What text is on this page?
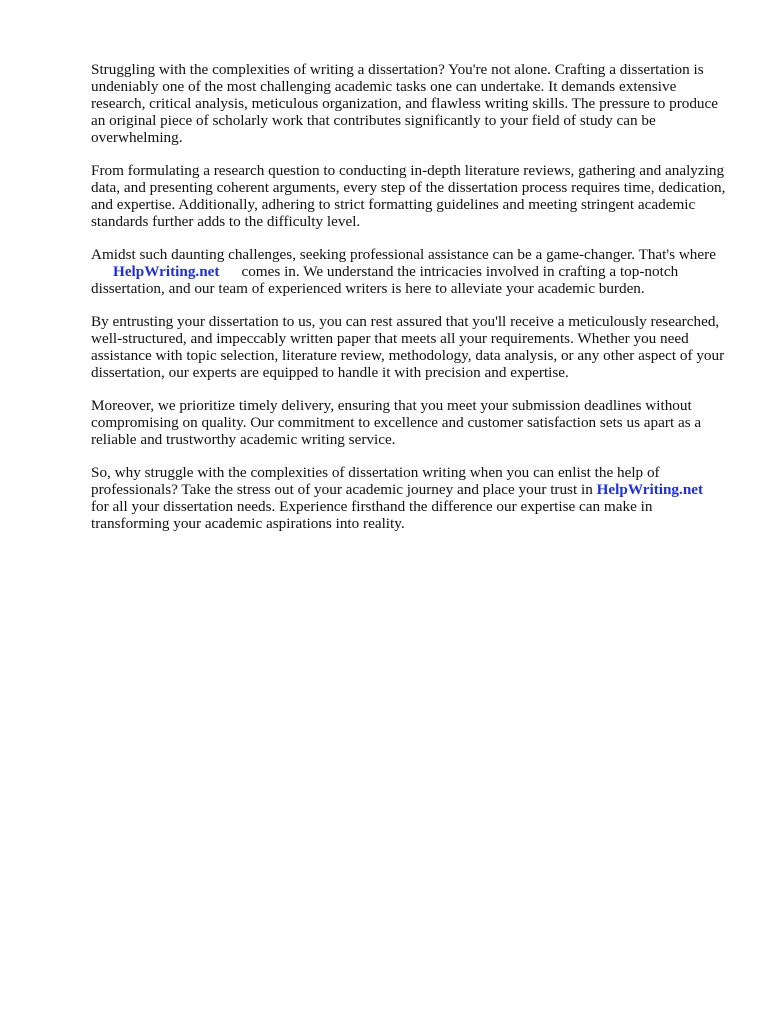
Struggling with the complexities of writing a dissertation? You're not alone. Crafting a dissertation is undeniably one of the most challenging academic tasks one can undertake. It demands extensive research, critical analysis, meticulous organization, and flawless writing skills. The pressure to produce an original piece of scholarly work that contributes significantly to your field of study can be overwhelming.

From formulating a research question to conducting in-depth literature reviews, gathering and analyzing data, and presenting coherent arguments, every step of the dissertation process requires time, dedication, and expertise. Additionally, adhering to strict formatting guidelines and meeting stringent academic standards further adds to the difficulty level.

Amidst such daunting challenges, seeking professional assistance can be a game-changer. That's whereHelpWriting.net comes in. We understand the intricacies involved in crafting a top-notch dissertation, and our team of experienced writers is here to alleviate your academic burden.

By entrusting your dissertation to us, you can rest assured that you'll receive a meticulously researched, well-structured, and impeccably written paper that meets all your requirements. Whether you need assistance with topic selection, literature review, methodology, data analysis, or any other aspect of your dissertation, our experts are equipped to handle it with precision and expertise.

Moreover, we prioritize timely delivery, ensuring that you meet your submission deadlines without compromising on quality. Our commitment to excellence and customer satisfaction sets us apart as a reliable and trustworthy academic writing service.

So, why struggle with the complexities of dissertation writing when you can enlist the help of professionals? Take the stress out of your academic journey and place your trust in HelpWriting.netfor all your dissertation needs. Experience firsthand the difference our expertise can make in transforming your academic aspirations into reality.
